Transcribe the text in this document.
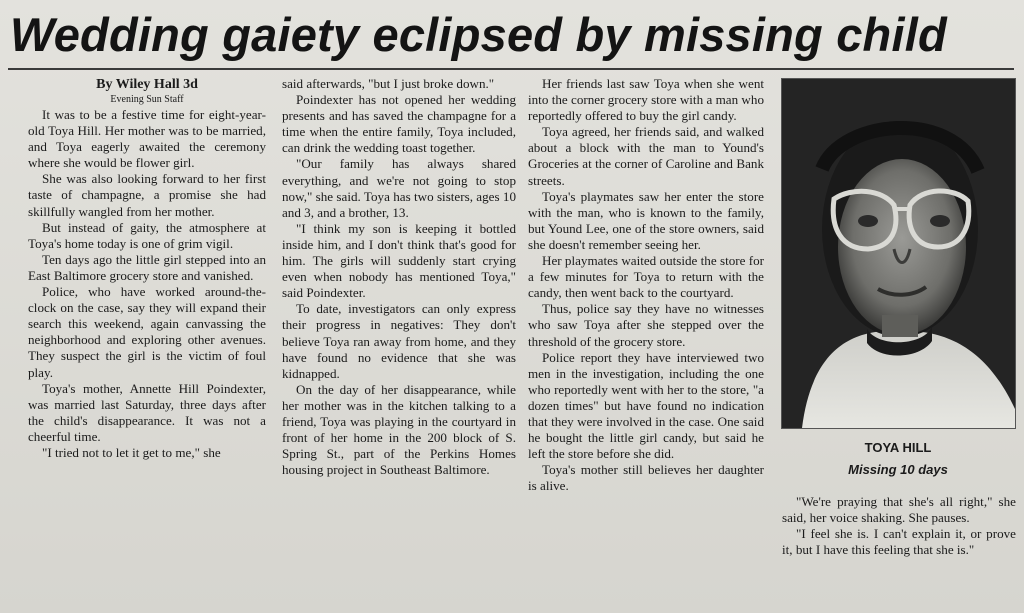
Wedding gaiety eclipsed by missing child
By Wiley Hall 3d
Evening Sun Staff

It was to be a festive time for eight-year-old Toya Hill. Her mother was to be married, and Toya eagerly awaited the ceremony where she would be flower girl.

She was also looking forward to her first taste of champagne, a promise she had skillfully wangled from her mother.

But instead of gaity, the atmosphere at Toya's home today is one of grim vigil.

Ten days ago the little girl stepped into an East Baltimore grocery store and vanished.

Police, who have worked around-the-clock on the case, say they will expand their search this weekend, again canvassing the neighborhood and exploring other avenues. They suspect the girl is the victim of foul play.

Toya's mother, Annette Hill Poindexter, was married last Saturday, three days after the child's disappearance. It was not a cheerful time.

"I tried not to let it get to me," she

said afterwards, "but I just broke down."

Poindexter has not opened her wedding presents and has saved the champagne for a time when the entire family, Toya included, can drink the wedding toast together.

"Our family has always shared everything, and we're not going to stop now," she said. Toya has two sisters, ages 10 and 3, and a brother, 13.

"I think my son is keeping it bottled inside him, and I don't think that's good for him. The girls will suddenly start crying even when nobody has mentioned Toya," said Poindexter.

To date, investigators can only express their progress in negatives: They don't believe Toya ran away from home, and they have found no evidence that she was kidnapped.

On the day of her disappearance, while her mother was in the kitchen talking to a friend, Toya was playing in the courtyard in front of her home in the 200 block of S. Spring St., part of the Perkins Homes housing project in Southeast Baltimore.

Her friends last saw Toya when she went into the corner grocery store with a man who reportedly offered to buy the girl candy.

Toya agreed, her friends said, and walked about a block with the man to Yound's Groceries at the corner of Caroline and Bank streets.

Toya's playmates saw her enter the store with the man, who is known to the family, but Yound Lee, one of the store owners, said she doesn't remember seeing her.

Her playmates waited outside the store for a few minutes for Toya to return with the candy, then went back to the courtyard.

Thus, police say they have no witnesses who saw Toya after she stepped over the threshold of the grocery store.

Police report they have interviewed two men in the investigation, including the one who reportedly went with her to the store, "a dozen times" but have found no indication that they were involved in the case. One said he bought the little girl candy, but said he left the store before she did.

Toya's mother still believes her daughter is alive.

TOYA HILL
Missing 10 days

"We're praying that she's all right," she said, her voice shaking. She pauses.

"I feel she is. I can't explain it, or prove it, but I have this feeling that she is."
